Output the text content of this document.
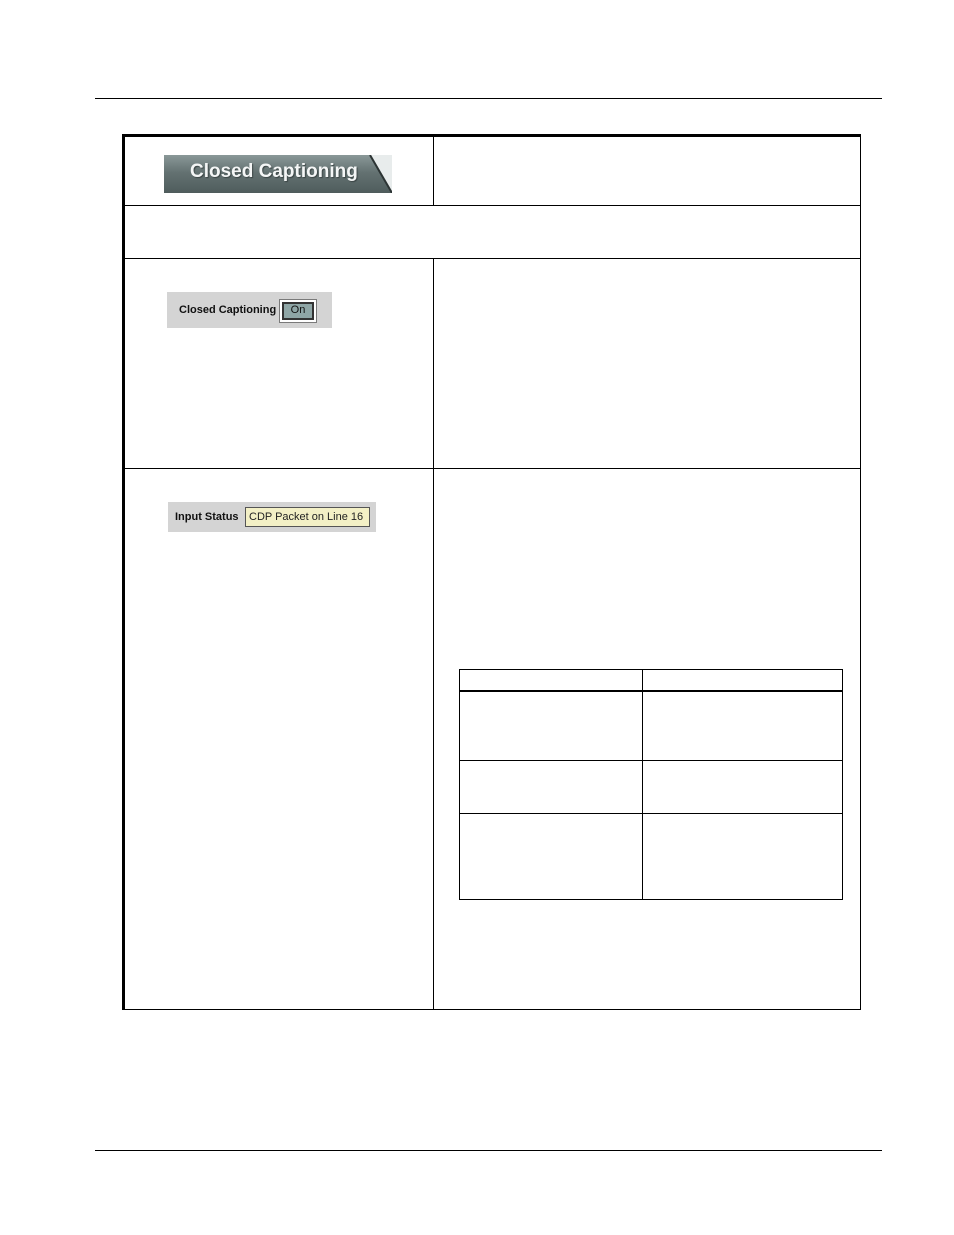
Closed Captioning
Closed Captioning	On
Input Status CDP Packet on Line 16
